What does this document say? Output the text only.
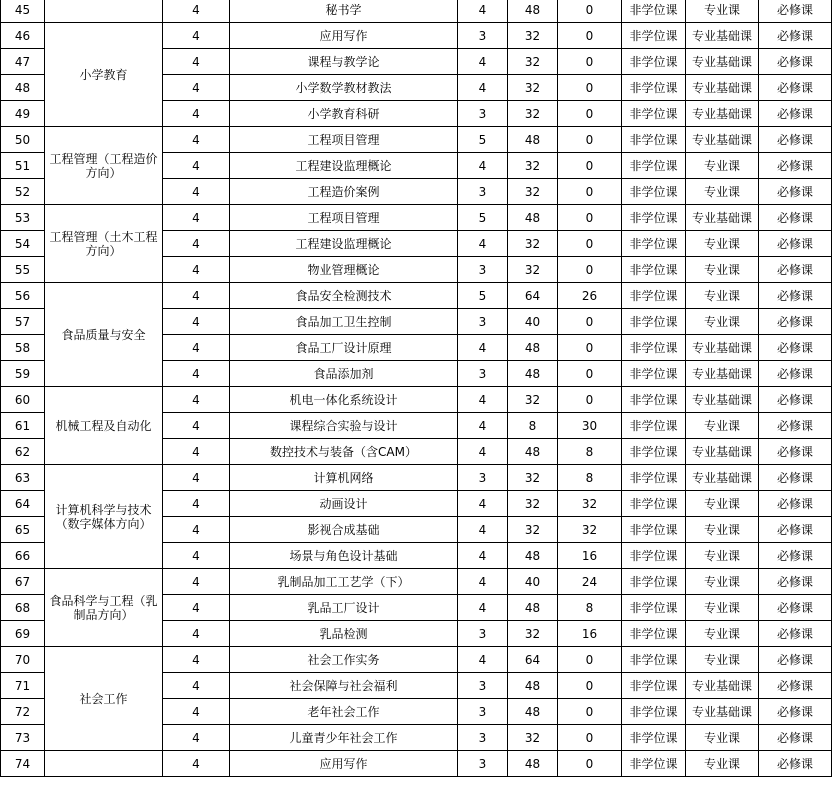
45		4	秘书学	4	48	0	非学位课	专业课	必修课
46	小学教育	4	应用写作	3	32	0	非学位课	专业基础课	必修课
47		4	课程与教学论	4	32	0	非学位课	专业基础课	必修课
48		4	小学数学教材教法	4	32	0	非学位课	专业基础课	必修课
49		4	小学教育科研	3	32	0	非学位课	专业基础课	必修课
50	工程管理（工程造价方向）	4	工程项目管理	5	48	0	非学位课	专业基础课	必修课
51		4	工程建设监理概论	4	32	0	非学位课	专业课	必修课
52		4	工程造价案例	3	32	0	非学位课	专业课	必修课
53	工程管理（土木工程方向）	4	工程项目管理	5	48	0	非学位课	专业基础课	必修课
54		4	工程建设监理概论	4	32	0	非学位课	专业课	必修课
55		4	物业管理概论	3	32	0	非学位课	专业课	必修课
56	食品质量与安全	4	食品安全检测技术	5	64	26	非学位课	专业课	必修课
57		4	食品加工卫生控制	3	40	0	非学位课	专业课	必修课
58		4	食品工厂设计原理	4	48	0	非学位课	专业基础课	必修课
59		4	食品添加剂	3	48	0	非学位课	专业基础课	必修课
60	机械工程及自动化	4	机电一体化系统设计	4	32	0	非学位课	专业基础课	必修课
61		4	课程综合实验与设计	4	8	30	非学位课	专业课	必修课
62		4	数控技术与装备（含CAM）	4	48	8	非学位课	专业基础课	必修课
63	计算机科学与技术（数字媒体方向）	4	计算机网络	3	32	8	非学位课	专业基础课	必修课
64		4	动画设计	4	32	32	非学位课	专业课	必修课
65		4	影视合成基础	4	32	32	非学位课	专业课	必修课
66		4	场景与角色设计基础	4	48	16	非学位课	专业课	必修课
67	食品科学与工程（乳制品方向）	4	乳制品加工工艺学（下）	4	40	24	非学位课	专业课	必修课
68		4	乳品工厂设计	4	48	8	非学位课	专业课	必修课
69		4	乳品检测	3	32	16	非学位课	专业课	必修课
70	社会工作	4	社会工作实务	4	64	0	非学位课	专业课	必修课
71		4	社会保障与社会福利	3	48	0	非学位课	专业基础课	必修课
72		4	老年社会工作	3	48	0	非学位课	专业基础课	必修课
73		4	儿童青少年社会工作	3	32	0	非学位课	专业课	必修课
74		4	应用写作	3	48	0	非学位课	专业课	必修课
